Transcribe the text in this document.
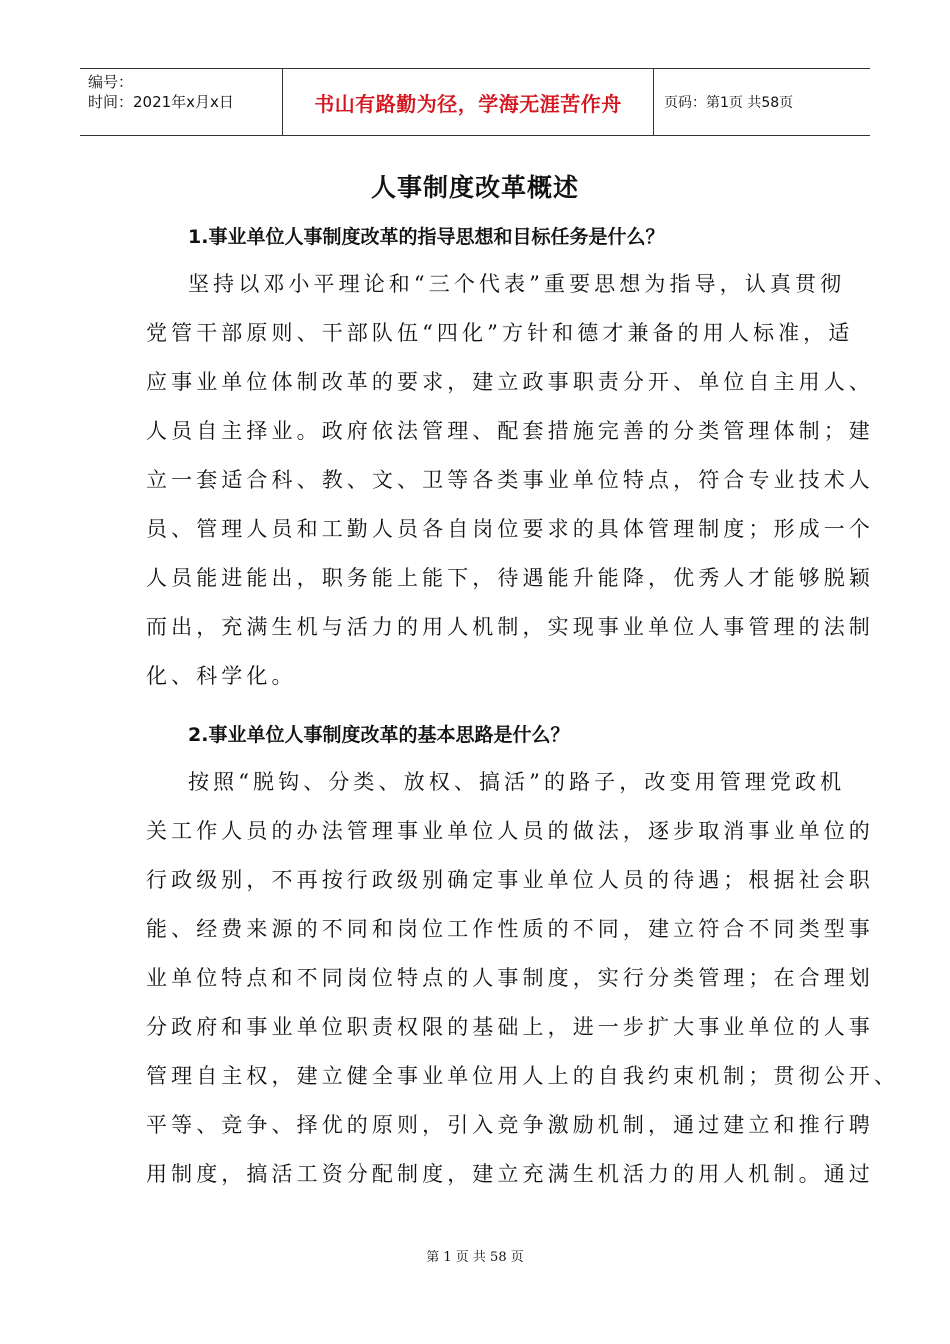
编号：
时间：2021年x月x日	书山有路勤为径，学海无涯苦作舟	页码：第1页 共58页
人事制度改革概述
1.事业单位人事制度改革的指导思想和目标任务是什么？

坚持以邓小平理论和“三个代表”重要思想为指导，认真贯彻
党管干部原则、干部队伍“四化”方针和德才兼备的用人标准，适
应事业单位体制改革的要求，建立政事职责分开、单位自主用人、
人员自主择业。政府依法管理、配套措施完善的分类管理体制；建
立一套适合科、教、文、卫等各类事业单位特点，符合专业技术人
员、管理人员和工勤人员各自岗位要求的具体管理制度；形成一个
人员能进能出，职务能上能下，待遇能升能降，优秀人才能够脱颖
而出，充满生机与活力的用人机制，实现事业单位人事管理的法制
化、科学化。

2.事业单位人事制度改革的基本思路是什么？

按照“脱钩、分类、放权、搞活”的路子，改变用管理党政机
关工作人员的办法管理事业单位人员的做法，逐步取消事业单位的
行政级别，不再按行政级别确定事业单位人员的待遇；根据社会职
能、经费来源的不同和岗位工作性质的不同，建立符合不同类型事
业单位特点和不同岗位特点的人事制度，实行分类管理；在合理划
分政府和事业单位职责权限的基础上，进一步扩大事业单位的人事
管理自主权，建立健全事业单位用人上的自我约束机制；贯彻公开、
平等、竞争、择优的原则，引入竞争激励机制，通过建立和推行聘
用制度，搞活工资分配制度，建立充满生机活力的用人机制。通过

第 1 页 共 58 页
